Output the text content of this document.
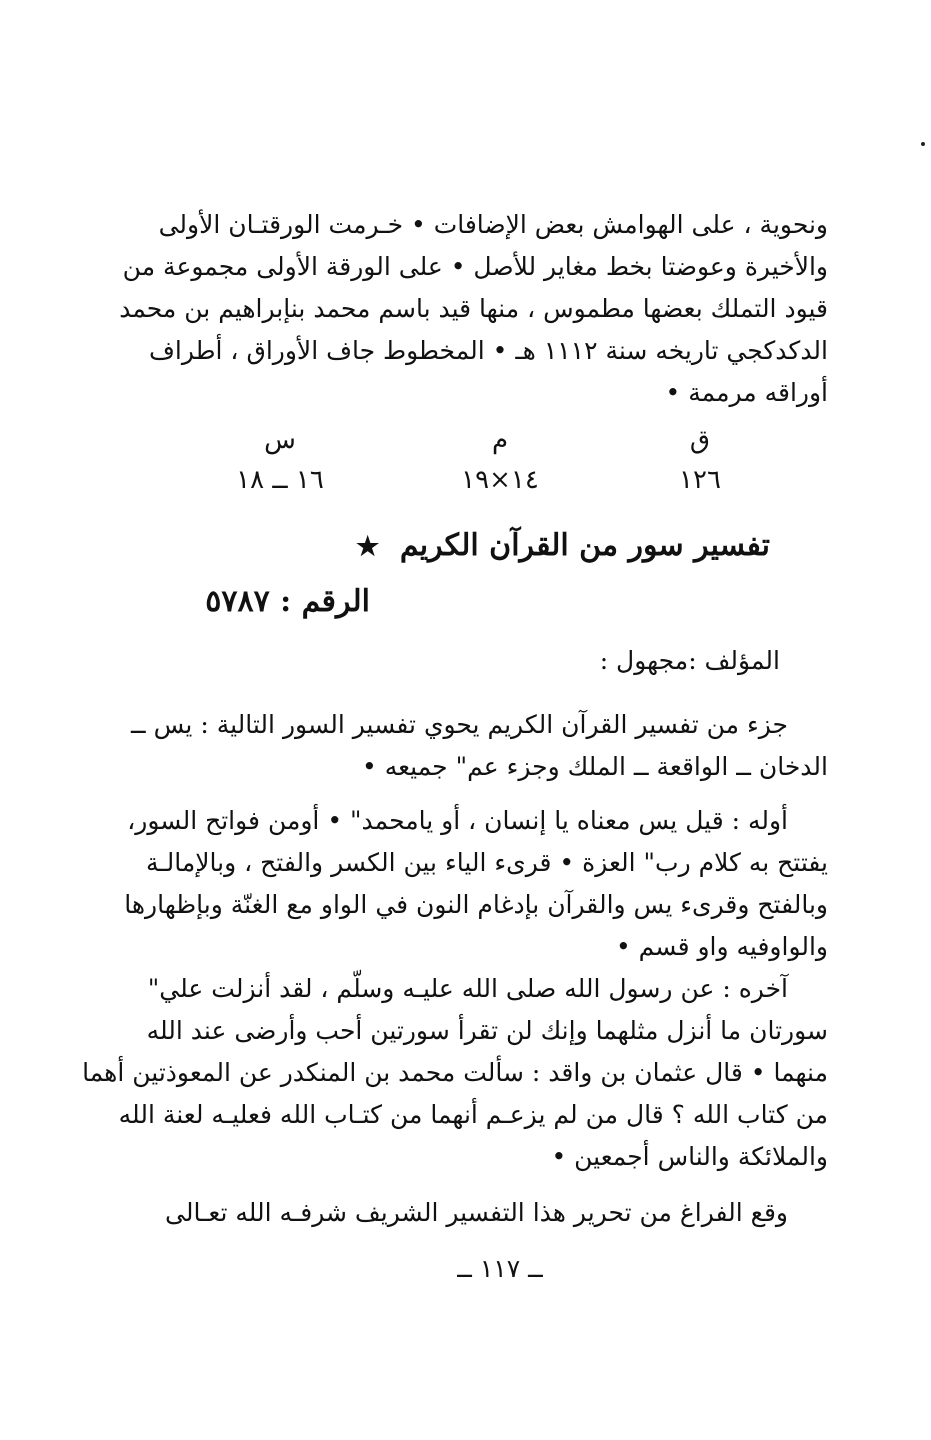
ونحوية ، على الهوامش بعض الإضافات • خـرمت الورقتـان الأولى
والأخيرة وعوضتا بخط مغاير للأصل • على الورقة الأولى مجموعة من
قيود التملك بعضها مطموس ، منها قيد باسم محمد بنإبراهيم بن محمد
الدكدكجي تاريخه سنة ١١١٢ هـ • المخطوط جاف الأوراق ، أطراف
أوراقه مرممة •
ق
١٢٦
م
١٤×١٩
س
١٦ ــ ١٨
تفسير سور من القرآن الكريم ★
الرقم : ٥٧٨٧
المؤلف :مجهول :
جزء من تفسير القرآن الكريم يحوي تفسير السور التالية : يس ــ
الدخان ــ الواقعة ــ الملك وجزء عم" جميعه •
أوله : قيل يس معناه يا إنسان ، أو يامحمد" • أومن فواتح السور،
يفتتح به كلام رب" العزة • قرىء الياء بين الكسر والفتح ، وبالإمالـة
وبالفتح وقرىء يس والقرآن بإدغام النون في الواو مع الغنّة وبإظهارها
والواوفيه واو قسم •
آخره : عن رسول الله صلى الله عليـه وسلّم ، لقد أنزلت علي"
سورتان ما أنزل مثلهما وإنك لن تقرأ سورتين أحب وأرضى عند الله
منهما • قال عثمان بن واقد : سألت محمد بن المنكدر عن المعوذتين أهما
من كتاب الله ؟ قال من لم يزعـم أنهما من كتـاب الله فعليـه لعنة الله
والملائكة والناس أجمعين •
وقع الفراغ من تحرير هذا التفسير الشريف شرفـه الله تعـالى
ــ ١١٧ ــ
